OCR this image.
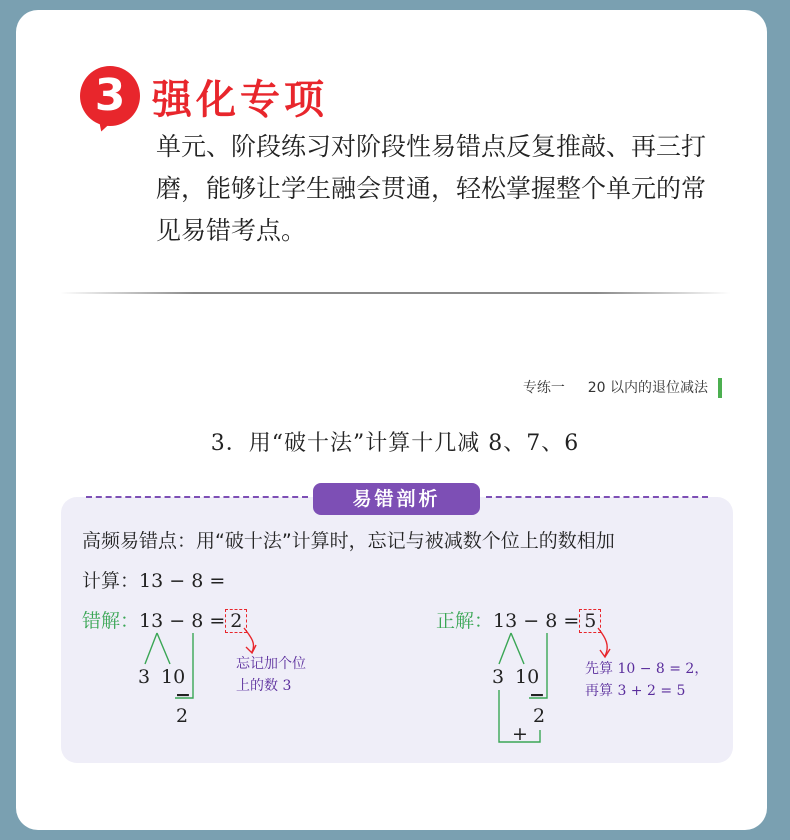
3 强化专项
单元、阶段练习对阶段性易错点反复推敲、再三打磨，能够让学生融会贯通，轻松掌握整个单元的常见易错考点。
专练一 20 以内的退位减法
3．用“破十法”计算十几减 8、7、6
易错剖析
高频易错点：用“破十法”计算时，忘记与被减数个位上的数相加
计算：13 − 8 =
错解：13 − 8 = 2
3 10
−
2
忘记加个位
上的数 3
正解：13 − 8 = 5
3 10
−
2
+
先算 10 − 8 = 2，
再算 3 + 2 = 5
